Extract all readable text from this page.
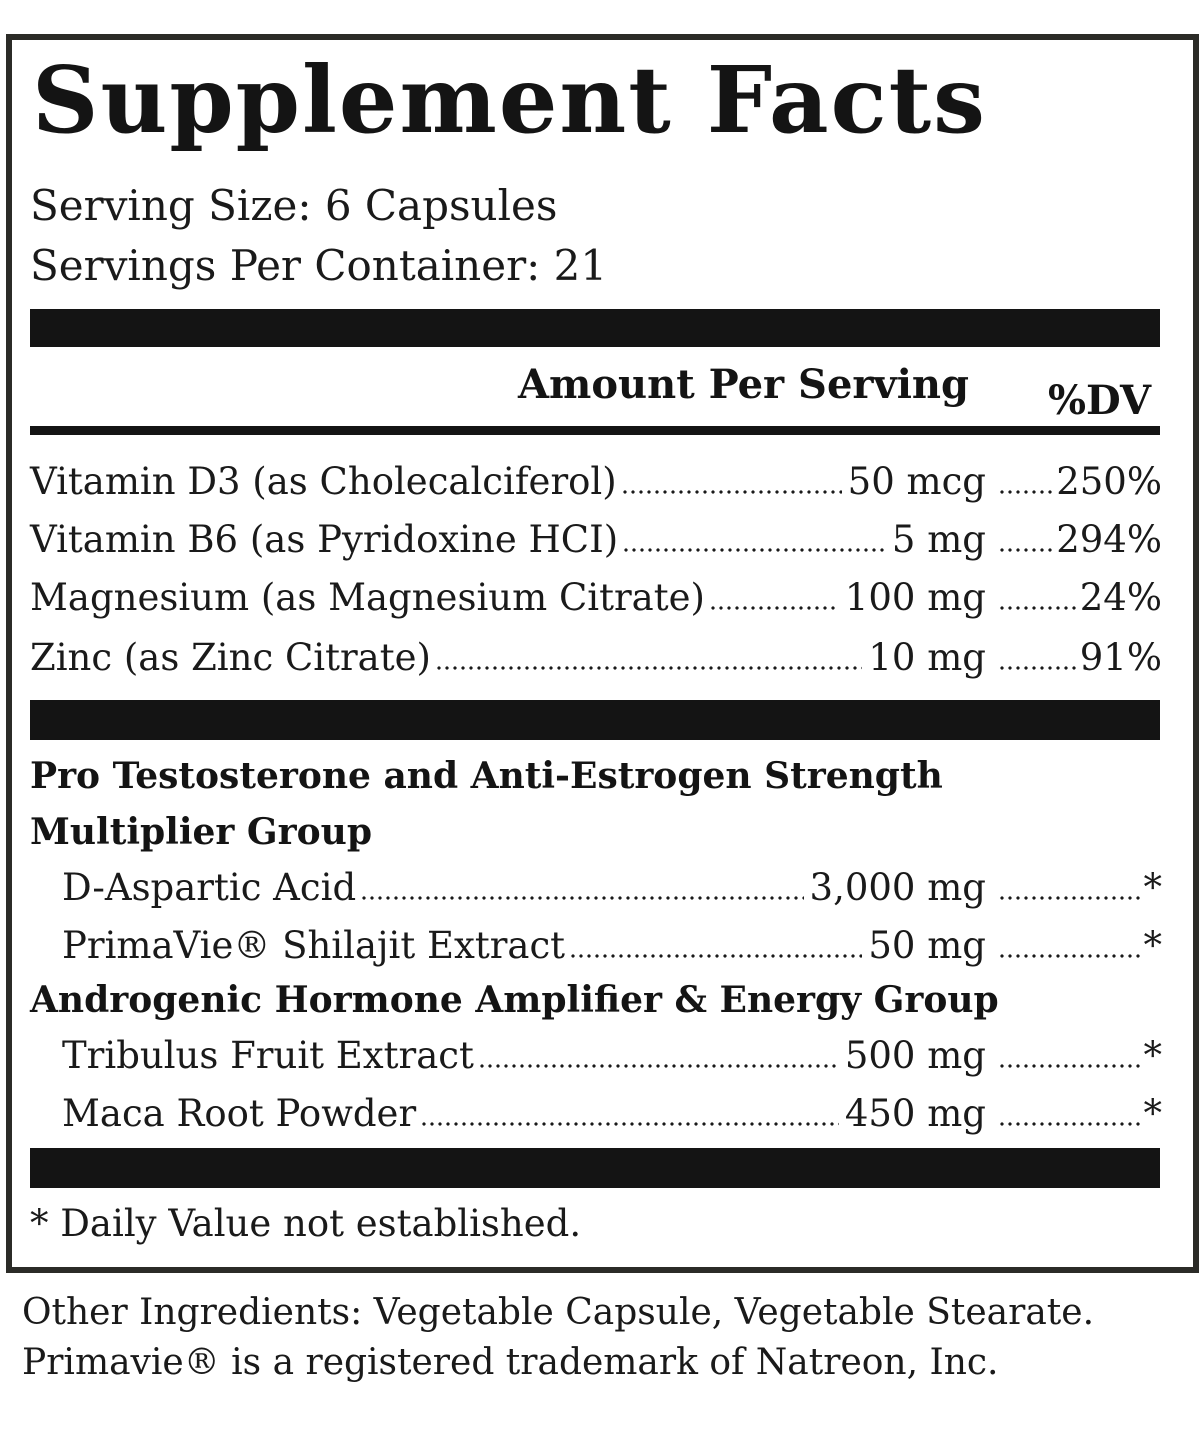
Supplement Facts
Serving Size: 6 Capsules
Servings Per Container: 21
Amount Per Serving %DV
Vitamin D3 (as Cholecalciferol)	50 mcg 250%
Vitamin B6 (as Pyridoxine HCI)	5 mg 294%
Magnesium (as Magnesium Citrate)	100 mg	24%
Zinc (as Zinc Citrate)	10 mg	91%
Pro Testosterone and Anti-Estrogen Strength
Multiplier Group
D-Aspartic Acid	3,000 mg	*
PrimaVie® Shilajit Extract	50 mg	*
Androgenic Hormone Amplifier & Energy Group
Tribulus Fruit Extract	500 mg	*
Maca Root Powder	450 mg	*
* Daily Value not established.
Other Ingredients: Vegetable Capsule, Vegetable Stearate.
Primavie® is a registered trademark of Natreon, Inc.
